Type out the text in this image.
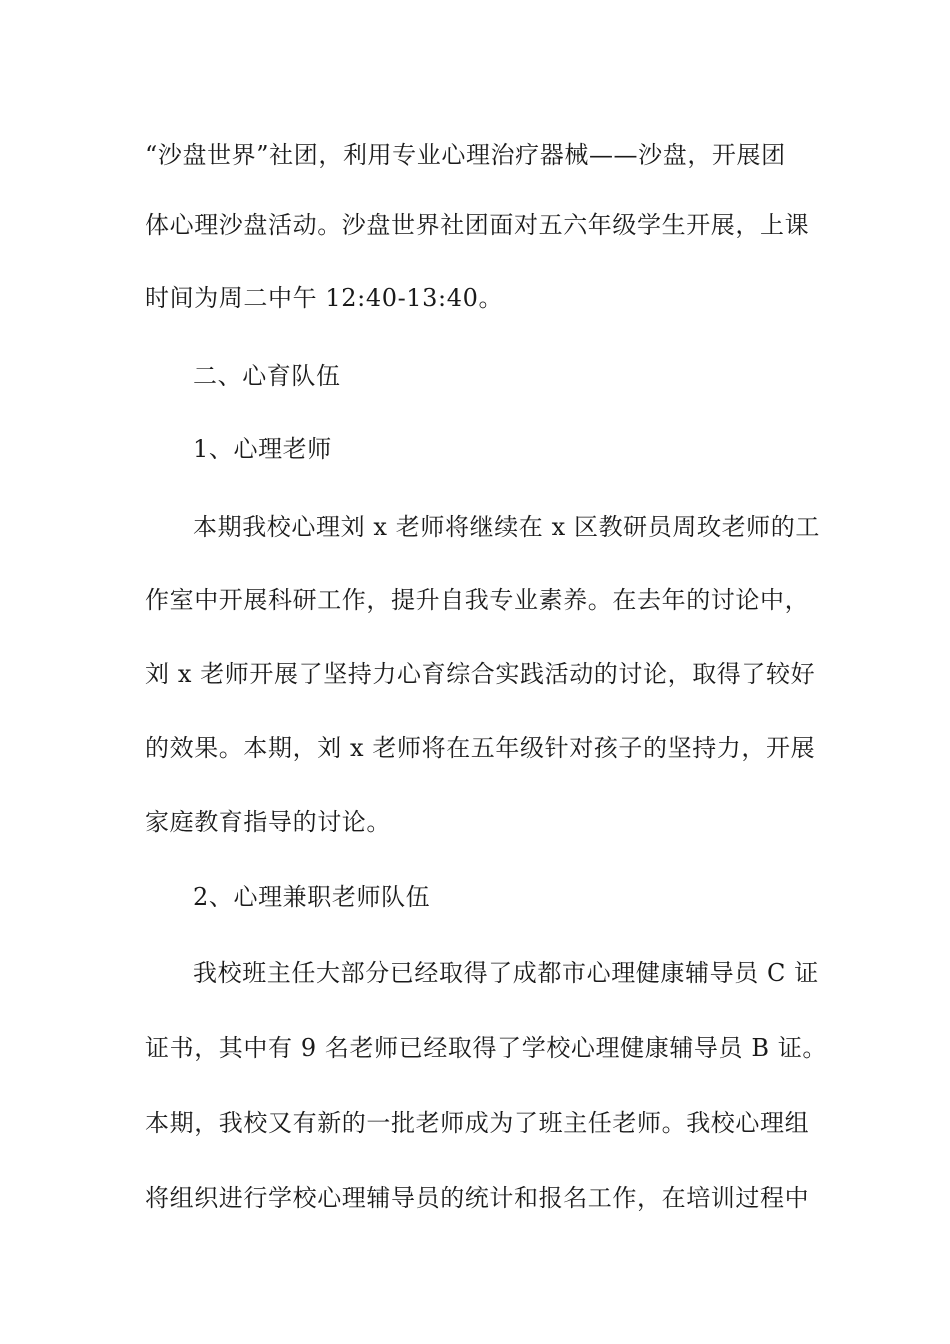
“沙盘世界”社团，利用专业心理治疗器械——沙盘，开展团
体心理沙盘活动。沙盘世界社团面对五六年级学生开展，上课
时间为周二中午 12:40-13:40。
二、心育队伍
1、心理老师
本期我校心理刘 x 老师将继续在 x 区教研员周玫老师的工
作室中开展科研工作，提升自我专业素养。在去年的讨论中，
刘 x 老师开展了坚持力心育综合实践活动的讨论，取得了较好
的效果。本期，刘 x 老师将在五年级针对孩子的坚持力，开展
家庭教育指导的讨论。
2、心理兼职老师队伍
我校班主任大部分已经取得了成都市心理健康辅导员 C 证
证书，其中有 9 名老师已经取得了学校心理健康辅导员 B 证。
本期，我校又有新的一批老师成为了班主任老师。我校心理组
将组织进行学校心理辅导员的统计和报名工作，在培训过程中
